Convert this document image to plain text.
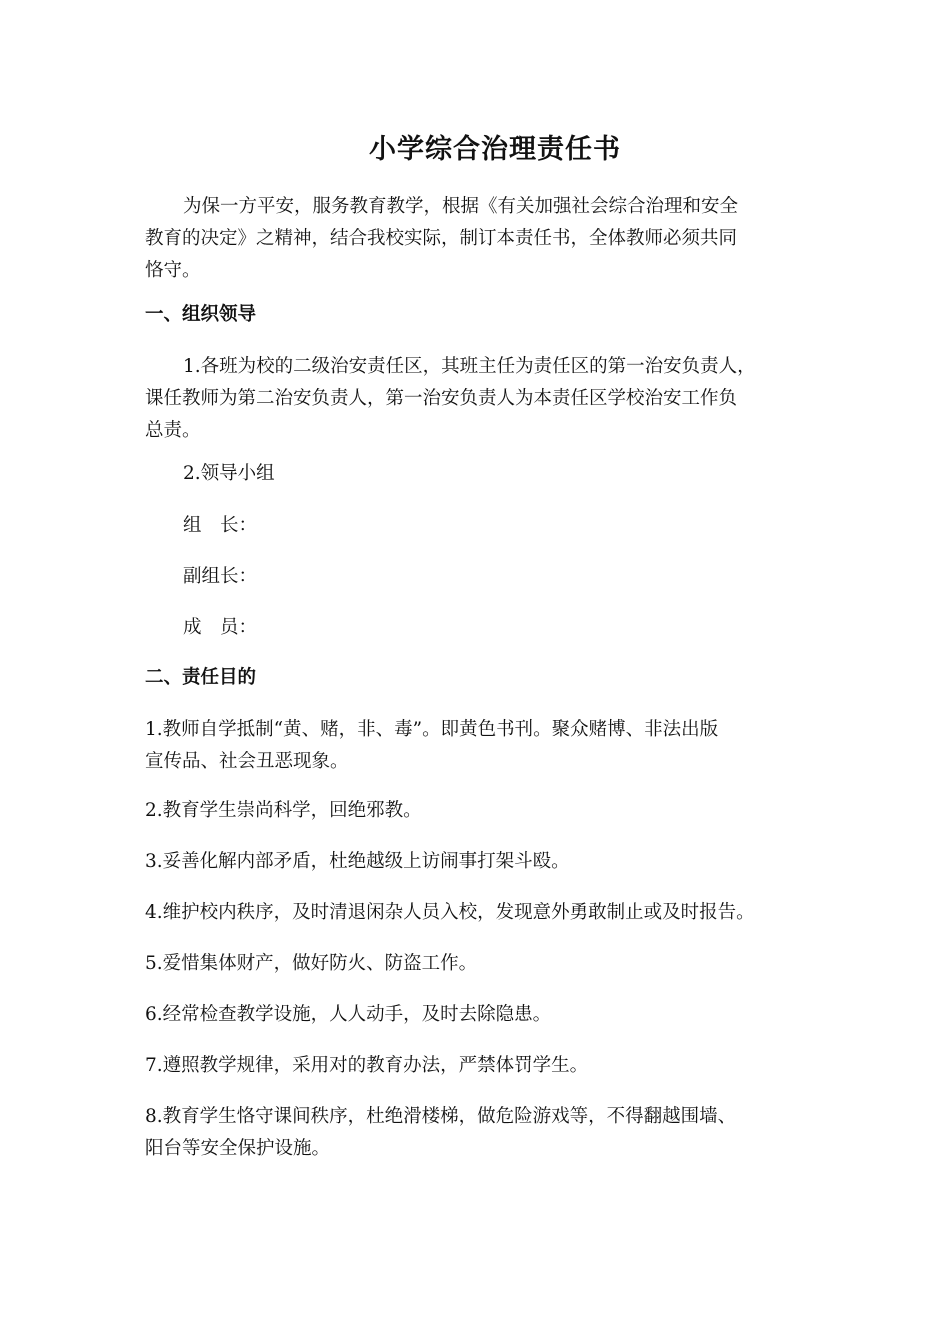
小学综合治理责任书

为保一方平安，服务教育教学，根据《有关加强社会综合治理和安全
教育的决定》之精神，结合我校实际，制订本责任书，全体教师必须共同
恪守。

一、组织领导

1.各班为校的二级治安责任区，其班主任为责任区的第一治安负责人，
课任教师为第二治安负责人，第一治安负责人为本责任区学校治安工作负
总责。

2.领导小组

组　长：

副组长：

成　员：

二、责任目的

1.教师自学抵制“黄、赌，非、毒”。即黄色书刊。聚众赌博、非法出版
宣传品、社会丑恶现象。

2.教育学生崇尚科学，回绝邪教。

3.妥善化解内部矛盾，杜绝越级上访闹事打架斗殴。

4.维护校内秩序，及时清退闲杂人员入校，发现意外勇敢制止或及时报告。

5.爱惜集体财产，做好防火、防盗工作。

6.经常检查教学设施，人人动手，及时去除隐患。

7.遵照教学规律，采用对的教育办法，严禁体罚学生。

8.教育学生恪守课间秩序，杜绝滑楼梯，做危险游戏等，不得翻越围墙、
阳台等安全保护设施。
